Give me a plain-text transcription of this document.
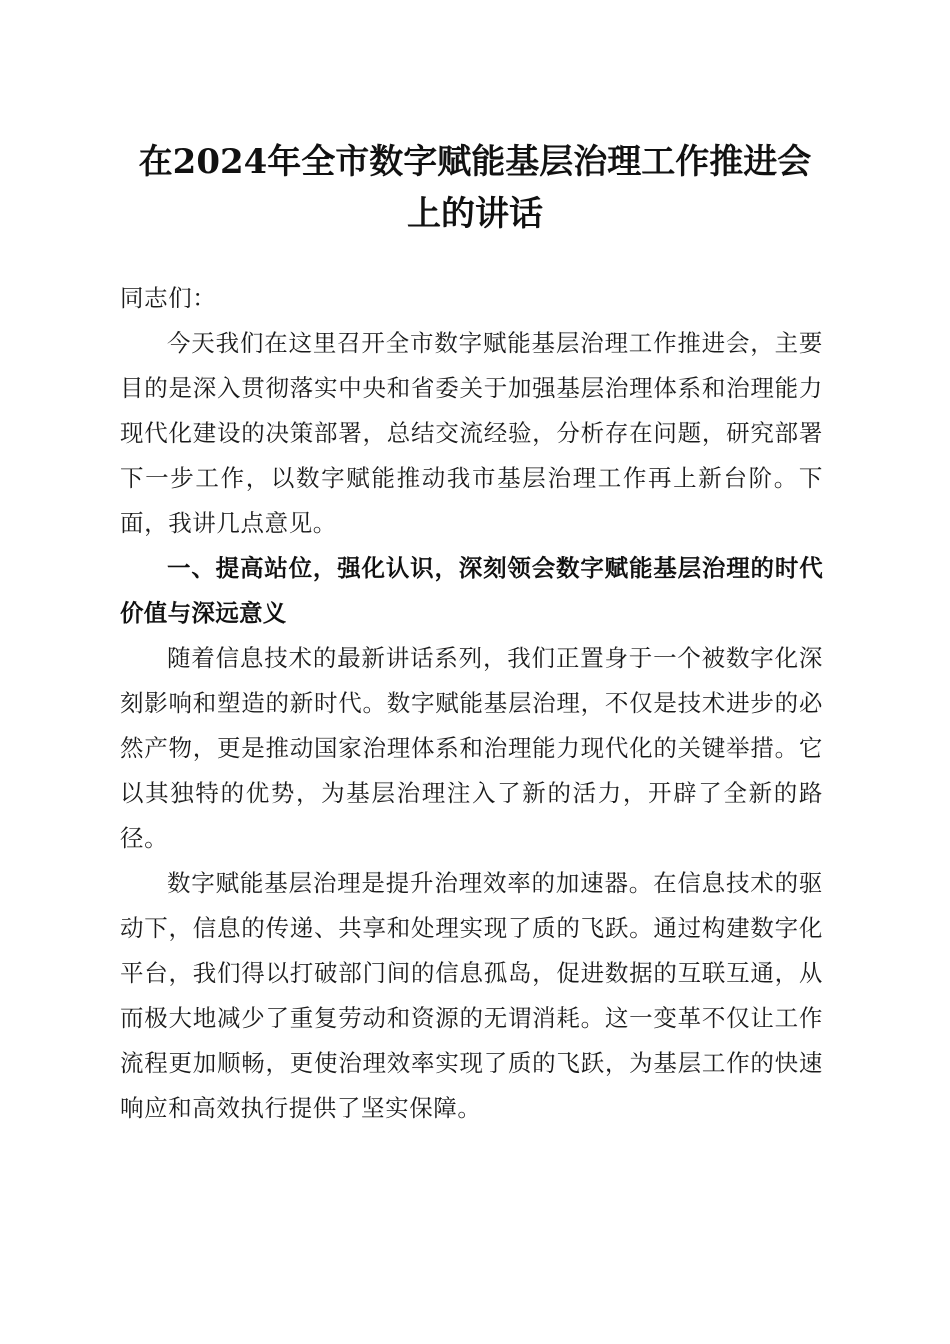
在2024年全市数字赋能基层治理工作推进会
上的讲话

同志们：

今天我们在这里召开全市数字赋能基层治理工作推进会，主要目的是深入贯彻落实中央和省委关于加强基层治理体系和治理能力现代化建设的决策部署，总结交流经验，分析存在问题，研究部署下一步工作，以数字赋能推动我市基层治理工作再上新台阶。下面，我讲几点意见。

一、提高站位，强化认识，深刻领会数字赋能基层治理的时代价值与深远意义

随着信息技术的最新讲话系列，我们正置身于一个被数字化深刻影响和塑造的新时代。数字赋能基层治理，不仅是技术进步的必然产物，更是推动国家治理体系和治理能力现代化的关键举措。它以其独特的优势，为基层治理注入了新的活力，开辟了全新的路径。

数字赋能基层治理是提升治理效率的加速器。在信息技术的驱动下，信息的传递、共享和处理实现了质的飞跃。通过构建数字化平台，我们得以打破部门间的信息孤岛，促进数据的互联互通，从而极大地减少了重复劳动和资源的无谓消耗。这一变革不仅让工作流程更加顺畅，更使治理效率实现了质的飞跃，为基层工作的快速响应和高效执行提供了坚实保障。
